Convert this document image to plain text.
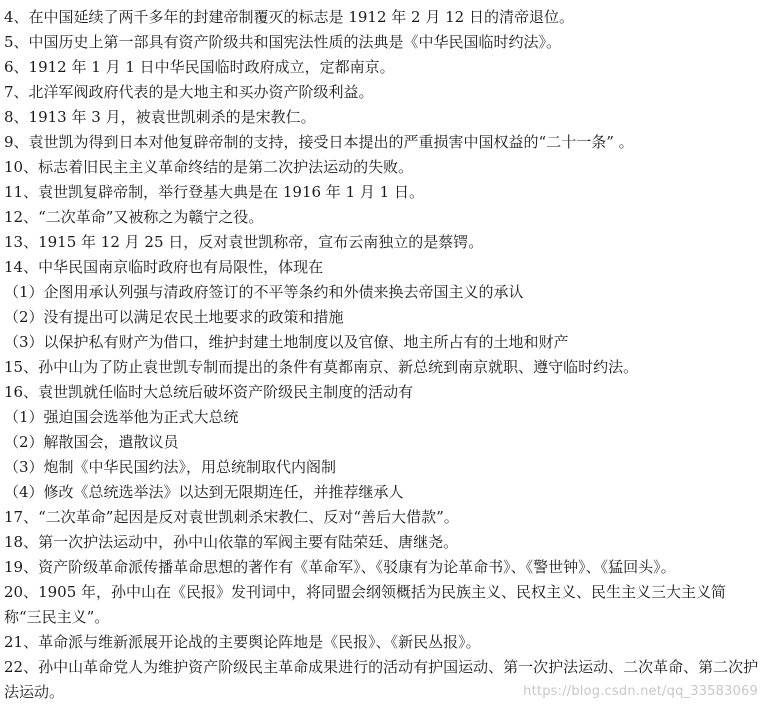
4、在中国延续了两千多年的封建帝制覆灭的标志是 1912 年 2 月 12 日的清帝退位。
5、中国历史上第一部具有资产阶级共和国宪法性质的法典是《中华民国临时约法》。
6、1912 年 1 月 1 日中华民国临时政府成立，定都南京。
7、北洋军阀政府代表的是大地主和买办资产阶级利益。
8、1913 年 3 月，被袁世凯刺杀的是宋教仁。
9、袁世凯为得到日本对他复辟帝制的支持，接受日本提出的严重损害中国权益的“二十一条” 。
10、标志着旧民主主义革命终结的是第二次护法运动的失败。
11、袁世凯复辟帝制，举行登基大典是在 1916 年 1 月 1 日。
12、“二次革命”又被称之为赣宁之役。
13、1915 年 12 月 25 日，反对袁世凯称帝，宣布云南独立的是蔡锷。
14、中华民国南京临时政府也有局限性，体现在
（1）企图用承认列强与清政府签订的不平等条约和外债来换去帝国主义的承认
（2）没有提出可以满足农民土地要求的政策和措施
（3）以保护私有财产为借口，维护封建土地制度以及官僚、地主所占有的土地和财产
15、孙中山为了防止袁世凯专制而提出的条件有莫都南京、新总统到南京就职、遵守临时约法。
16、袁世凯就任临时大总统后破坏资产阶级民主制度的活动有
（1）强迫国会选举他为正式大总统
（2）解散国会，遣散议员
（3）炮制《中华民国约法》，用总统制取代内阁制
（4）修改《总统选举法》以达到无限期连任，并推荐继承人
17、“二次革命”起因是反对袁世凯刺杀宋教仁、反对“善后大借款”。
18、第一次护法运动中，孙中山依靠的军阀主要有陆荣廷、唐继尧。
19、资产阶级革命派传播革命思想的著作有《革命军》、《驳康有为论革命书》、《警世钟》、《猛回头》。
20、1905 年，孙中山在《民报》发刊词中，将同盟会纲领概括为民族主义、民权主义、民生主义三大主义简称“三民主义”。
21、革命派与维新派展开论战的主要舆论阵地是《民报》、《新民丛报》。
22、孙中山革命党人为维护资产阶级民主革命成果进行的活动有护国运动、第一次护法运动、二次革命、第二次护法运动。	https://blog.csdn.net/qq_33583069
